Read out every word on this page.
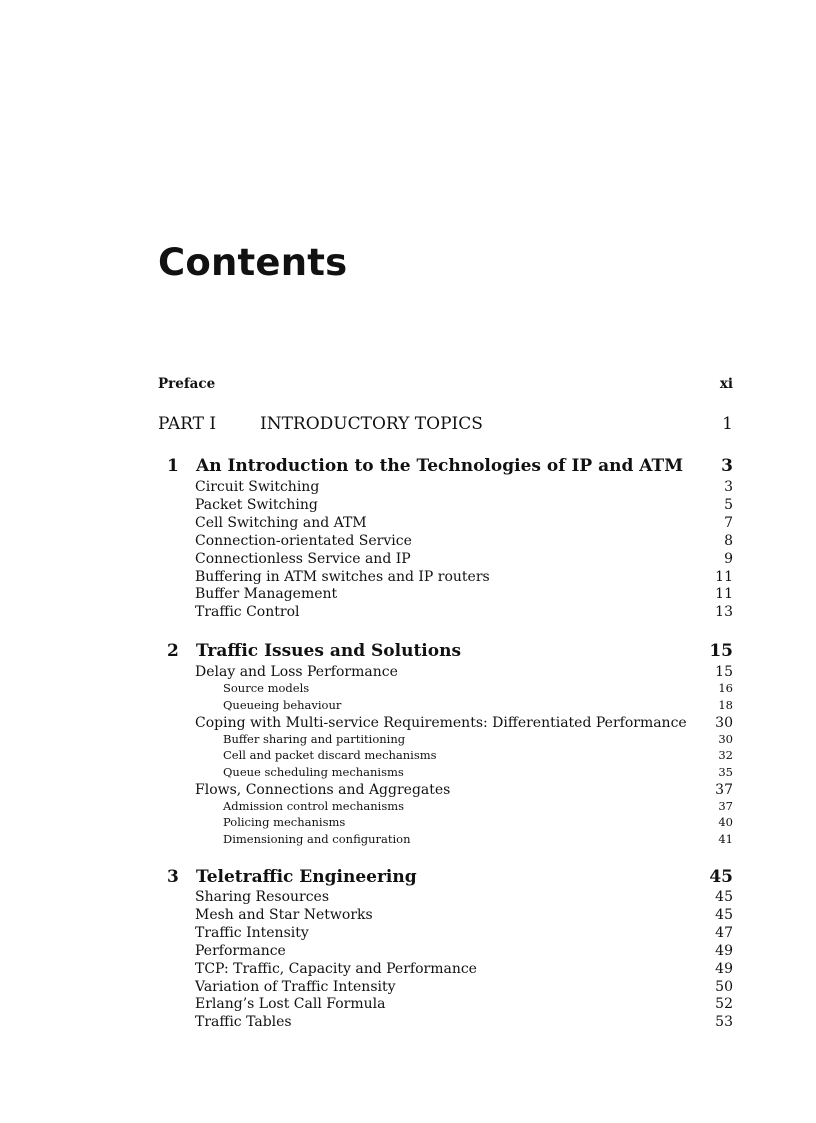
Contents
Preface	xi
PART I	INTRODUCTORY TOPICS	1
1 An Introduction to the Technologies of IP and ATM 3
Circuit Switching	3
Packet Switching	5
Cell Switching and ATM	7
Connection-orientated Service	8
Connectionless Service and IP	9
Buffering in ATM switches and IP routers	11
Buffer Management	11
Traffic Control	13
2 Traffic Issues and Solutions	15
Delay and Loss Performance	15
Source models	16
Queueing behaviour	18
Coping with Multi-service Requirements: Differentiated Performance 30
Buffer sharing and partitioning	30
Cell and packet discard mechanisms	32
Queue scheduling mechanisms	35
Flows, Connections and Aggregates	37
Admission control mechanisms	37
Policing mechanisms	40
Dimensioning and configuration	41
3 Teletraffic Engineering	45
Sharing Resources	45
Mesh and Star Networks	45
Traffic Intensity	47
Performance	49
TCP: Traffic, Capacity and Performance	49
Variation of Traffic Intensity	50
Erlang’s Lost Call Formula	52
Traffic Tables	53
